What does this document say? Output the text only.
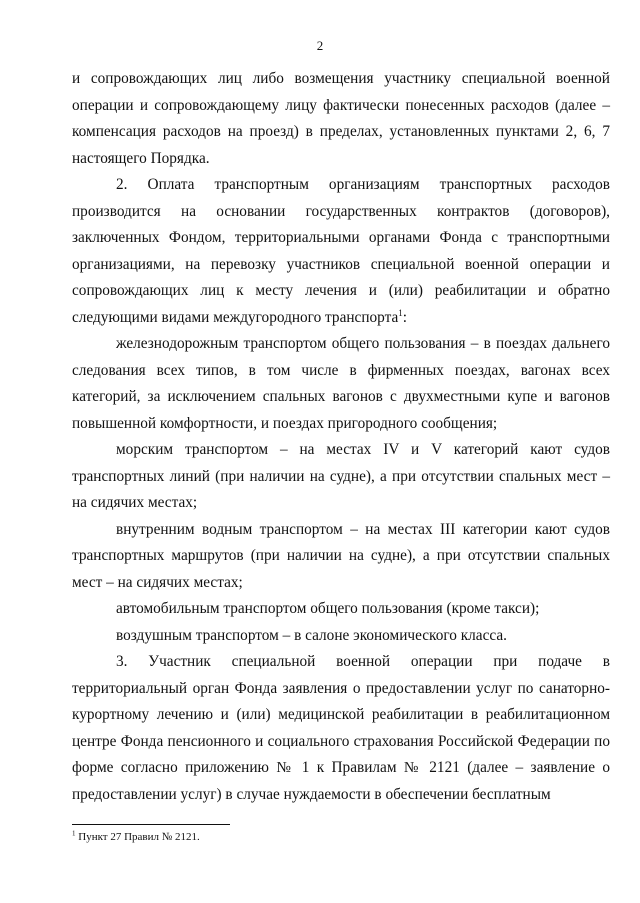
2

и сопровождающих лиц либо возмещения участнику специальной военной операции и сопровождающему лицу фактически понесенных расходов (далее – компенсация расходов на проезд) в пределах, установленных пунктами 2, 6, 7 настоящего Порядка.

2. Оплата транспортным организациям транспортных расходов производится на основании государственных контрактов (договоров), заключенных Фондом, территориальными органами Фонда с транспортными организациями, на перевозку участников специальной военной операции и сопровождающих лиц к месту лечения и (или) реабилитации и обратно следующими видами междугородного транспорта$^1$:

железнодорожным транспортом общего пользования – в поездах дальнего следования всех типов, в том числе в фирменных поездах, вагонах всех категорий, за исключением спальных вагонов с двухместными купе и вагонов повышенной комфортности, и поездах пригородного сообщения;

морским транспортом – на местах IV и V категорий кают судов транспортных линий (при наличии на судне), а при отсутствии спальных мест – на сидячих местах;

внутренним водным транспортом – на местах III категории кают судов транспортных маршрутов (при наличии на судне), а при отсутствии спальных мест – на сидячих местах;

автомобильным транспортом общего пользования (кроме такси);

воздушным транспортом – в салоне экономического класса.

3. Участник специальной военной операции при подаче в территориальный орган Фонда заявления о предоставлении услуг по санаторно-курортному лечению и (или) медицинской реабилитации в реабилитационном центре Фонда пенсионного и социального страхования Российской Федерации по форме согласно приложению № 1 к Правилам № 2121 (далее – заявление о предоставлении услуг) в случае нуждаемости в обеспечении бесплатным

$^1$ Пункт 27 Правил № 2121.
